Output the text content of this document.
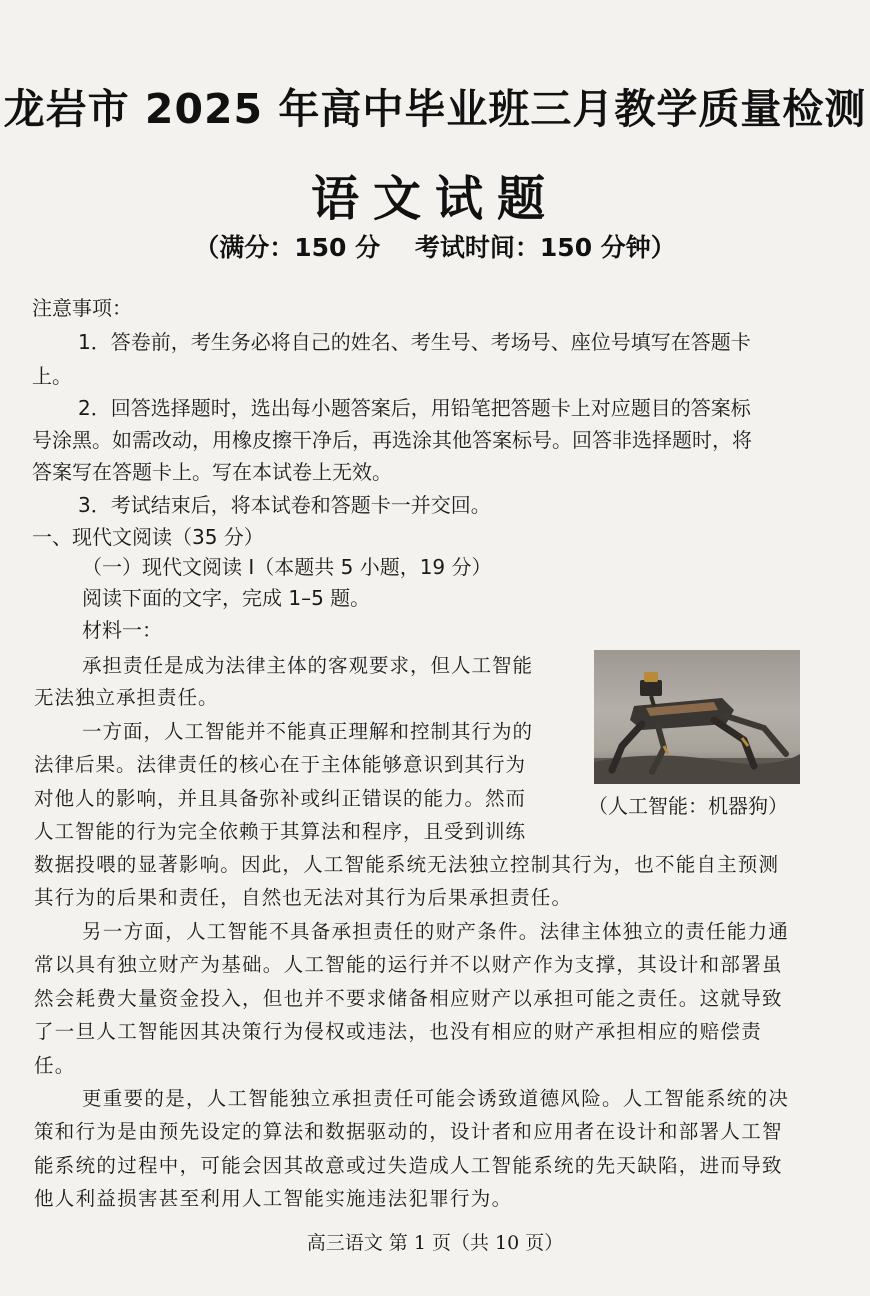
龙岩市 2025 年高中毕业班三月教学质量检测
语文试题
（满分：150 分    考试时间：150 分钟）
注意事项：
1．答卷前，考生务必将自己的姓名、考生号、考场号、座位号填写在答题卡
上。
2．回答选择题时，选出每小题答案后，用铅笔把答题卡上对应题目的答案标
号涂黑。如需改动，用橡皮擦干净后，再选涂其他答案标号。回答非选择题时，将
答案写在答题卡上。写在本试卷上无效。
3．考试结束后，将本试卷和答题卡一并交回。
一、现代文阅读（35 分）
（一）现代文阅读 I（本题共 5 小题，19 分）
阅读下面的文字，完成 1–5 题。
材料一：
（人工智能：机器狗）
承担责任是成为法律主体的客观要求，但人工智能
无法独立承担责任。
一方面，人工智能并不能真正理解和控制其行为的
法律后果。法律责任的核心在于主体能够意识到其行为
对他人的影响，并且具备弥补或纠正错误的能力。然而
人工智能的行为完全依赖于其算法和程序，且受到训练
数据投喂的显著影响。因此，人工智能系统无法独立控制其行为，也不能自主预测
其行为的后果和责任，自然也无法对其行为后果承担责任。
另一方面，人工智能不具备承担责任的财产条件。法律主体独立的责任能力通
常以具有独立财产为基础。人工智能的运行并不以财产作为支撑，其设计和部署虽
然会耗费大量资金投入，但也并不要求储备相应财产以承担可能之责任。这就导致
了一旦人工智能因其决策行为侵权或违法，也没有相应的财产承担相应的赔偿责
任。
更重要的是，人工智能独立承担责任可能会诱致道德风险。人工智能系统的决
策和行为是由预先设定的算法和数据驱动的，设计者和应用者在设计和部署人工智
能系统的过程中，可能会因其故意或过失造成人工智能系统的先天缺陷，进而导致
他人利益损害甚至利用人工智能实施违法犯罪行为。
高三语文 第 1 页（共 10 页）
